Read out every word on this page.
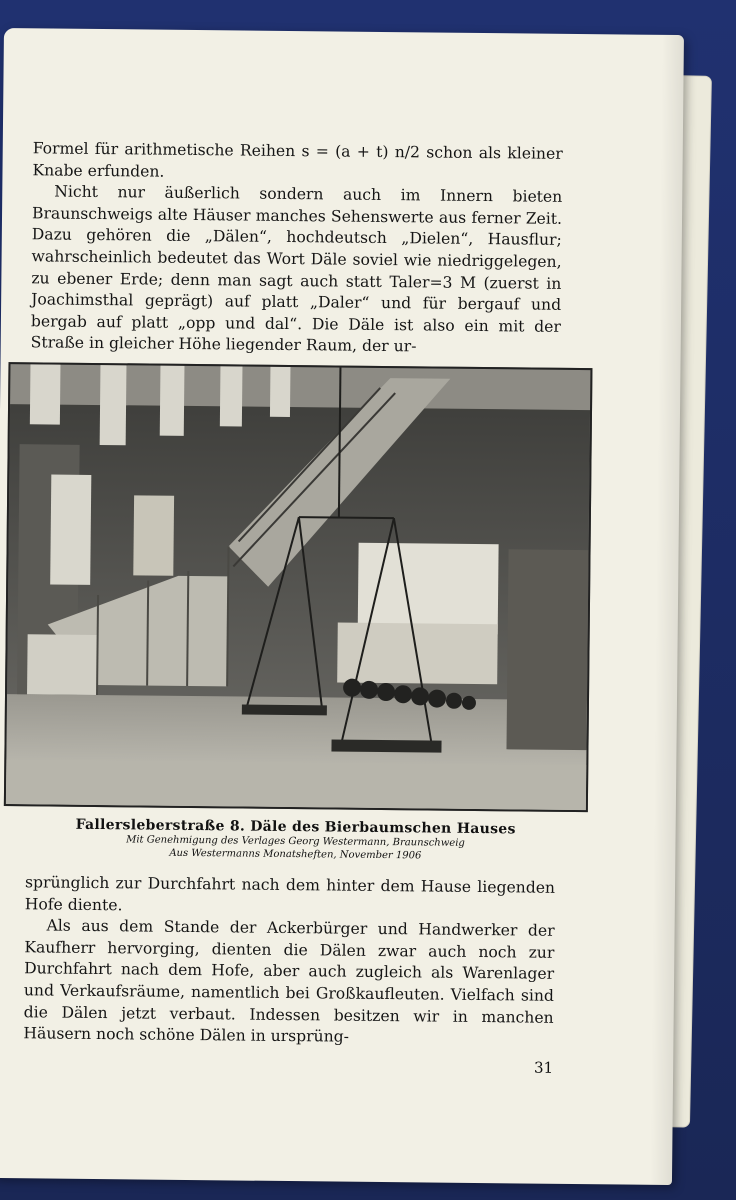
Formel für arithmetische Reihen s = (a + t) n/2 schon als kleiner Knabe erfunden.

Nicht nur äußerlich sondern auch im Innern bieten Braunschweigs alte Häuser manches Sehenswerte aus ferner Zeit. Dazu gehören die „Dälen“, hochdeutsch „Dielen“, Hausflur; wahrscheinlich bedeutet das Wort Däle soviel wie niedriggelegen, zu ebener Erde; denn man sagt auch statt Taler=3 M (zuerst in Joachimsthal geprägt) auf platt „Daler“ und für bergauf und bergab auf platt „opp und dal“. Die Däle ist also ein mit der Straße in gleicher Höhe liegender Raum, der ur-

Fallersleberstraße 8. Däle des Bierbaumschen Hauses
Mit Genehmigung des Verlages Georg Westermann, Braunschweig
Aus Westermanns Monatsheften, November 1906

sprünglich zur Durchfahrt nach dem hinter dem Hause liegenden Hofe diente.

Als aus dem Stande der Ackerbürger und Handwerker der Kaufherr hervorging, dienten die Dälen zwar auch noch zur Durchfahrt nach dem Hofe, aber auch zugleich als Warenlager und Verkaufsräume, namentlich bei Großkaufleuten. Vielfach sind die Dälen jetzt verbaut. Indessen besitzen wir in manchen Häusern noch schöne Dälen in ursprüng-

31
